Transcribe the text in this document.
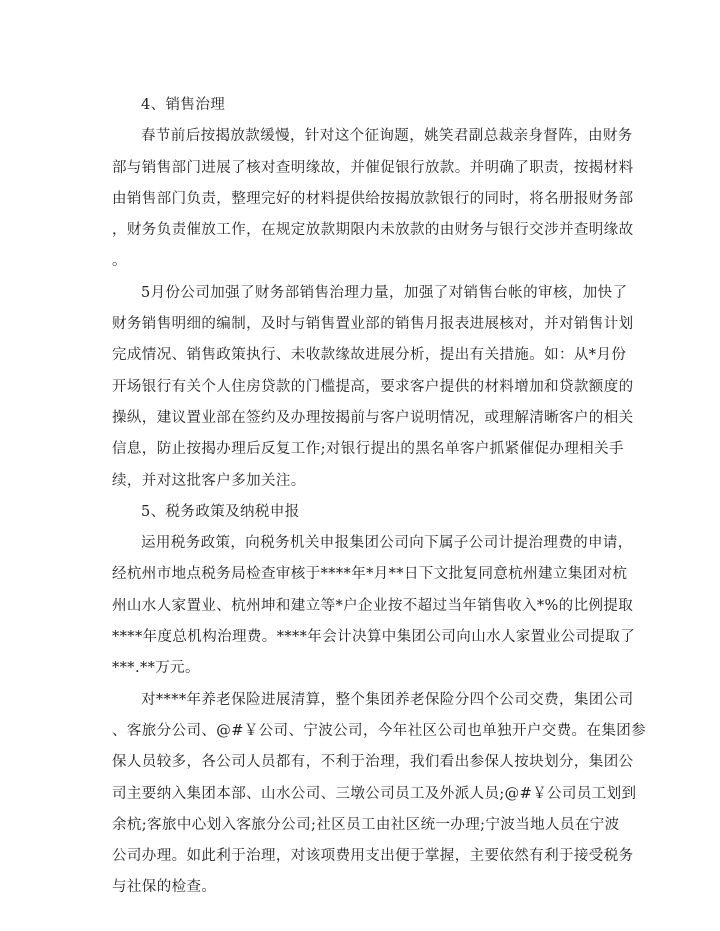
4、销售治理

春节前后按揭放款缓慢，针对这个征询题，姚笑君副总裁亲身督阵，由财务
部与销售部门进展了核对查明缘故，并催促银行放款。并明确了职责，按揭材料
由销售部门负责，整理完好的材料提供给按揭放款银行的同时，将名册报财务部
，财务负责催放工作，在规定放款期限内未放款的由财务与银行交涉并查明缘故
。
5月份公司加强了财务部销售治理力量，加强了对销售台帐的审核，加快了
财务销售明细的编制，及时与销售置业部的销售月报表进展核对，并对销售计划
完成情况、销售政策执行、未收款缘故进展分析，提出有关措施。如：从*月份
开场银行有关个人住房贷款的门槛提高，要求客户提供的材料增加和贷款额度的
操纵，建议置业部在签约及办理按揭前与客户说明情况，或理解清晰客户的相关
信息，防止按揭办理后反复工作;对银行提出的黑名单客户抓紧催促办理相关手
续，并对这批客户多加关注。

5、税务政策及纳税申报

运用税务政策，向税务机关申报集团公司向下属子公司计提治理费的申请，
经杭州市地点税务局检查审核于****年*月**日下文批复同意杭州建立集团对杭
州山水人家置业、杭州坤和建立等*户企业按不超过当年销售收入*%的比例提取
****年度总机构治理费。****年会计决算中集团公司向山水人家置业公司提取了
***.**万元。
对****年养老保险进展清算，整个集团养老保险分四个公司交费，集团公司
、客旅分公司、@#￥公司、宁波公司，今年社区公司也单独开户交费。在集团参
保人员较多，各公司人员都有，不利于治理，我们看出参保人按块划分，集团公
司主要纳入集团本部、山水公司、三墩公司员工及外派人员;@#￥公司员工划到
余杭;客旅中心划入客旅分公司;社区员工由社区统一办理;宁波当地人员在宁波
公司办理。如此利于治理，对该项费用支出便于掌握，主要依然有利于接受税务
与社保的检查。
